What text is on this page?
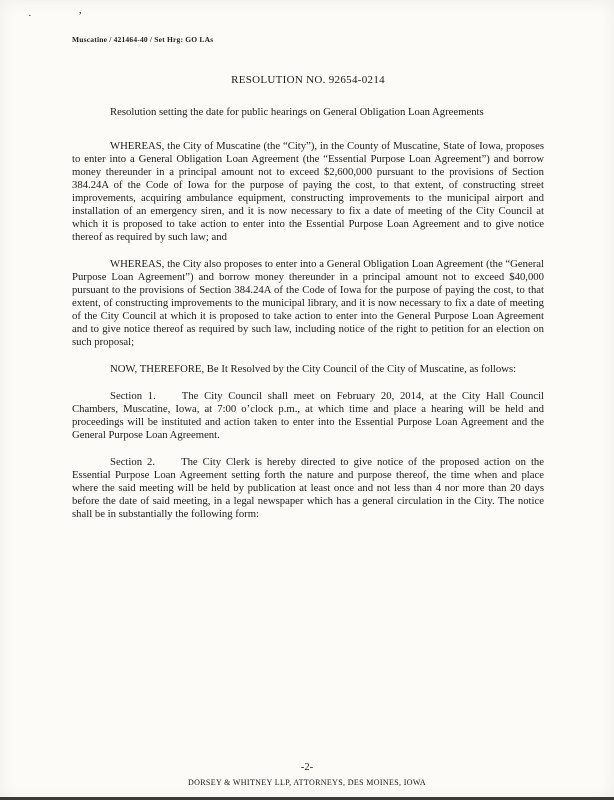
· ʼ
Muscatine / 421464-40 / Set Hrg: GO LAs
RESOLUTION NO. 92654-0214
Resolution setting the date for public hearings on General Obligation Loan Agreements

WHEREAS, the City of Muscatine (the “City”), in the County of Muscatine, State of Iowa, proposes to enter into a General Obligation Loan Agreement (the “Essential Purpose Loan Agreement”) and borrow money thereunder in a principal amount not to exceed $2,600,000 pursuant to the provisions of Section 384.24A of the Code of Iowa for the purpose of paying the cost, to that extent, of constructing street improvements, acquiring ambulance equipment, constructing improvements to the municipal airport and installation of an emergency siren, and it is now necessary to fix a date of meeting of the City Council at which it is proposed to take action to enter into the Essential Purpose Loan Agreement and to give notice thereof as required by such law; and

WHEREAS, the City also proposes to enter into a General Obligation Loan Agreement (the “General Purpose Loan Agreement”) and borrow money thereunder in a principal amount not to exceed $40,000 pursuant to the provisions of Section 384.24A of the Code of Iowa for the purpose of paying the cost, to that extent, of constructing improvements to the municipal library, and it is now necessary to fix a date of meeting of the City Council at which it is proposed to take action to enter into the General Purpose Loan Agreement and to give notice thereof as required by such law, including notice of the right to petition for an election on such proposal;

NOW, THEREFORE, Be It Resolved by the City Council of the City of Muscatine, as follows:

Section 1. The City Council shall meet on February 20, 2014, at the City Hall Council Chambers, Muscatine, Iowa, at 7:00 o’clock p.m., at which time and place a hearing will be held and proceedings will be instituted and action taken to enter into the Essential Purpose Loan Agreement and the General Purpose Loan Agreement.

Section 2. The City Clerk is hereby directed to give notice of the proposed action on the Essential Purpose Loan Agreement setting forth the nature and purpose thereof, the time when and place where the said meeting will be held by publication at least once and not less than 4 nor more than 20 days before the date of said meeting, in a legal newspaper which has a general circulation in the City. The notice shall be in substantially the following form:

-2-
DORSEY & WHITNEY LLP, ATTORNEYS, DES MOINES, IOWA
